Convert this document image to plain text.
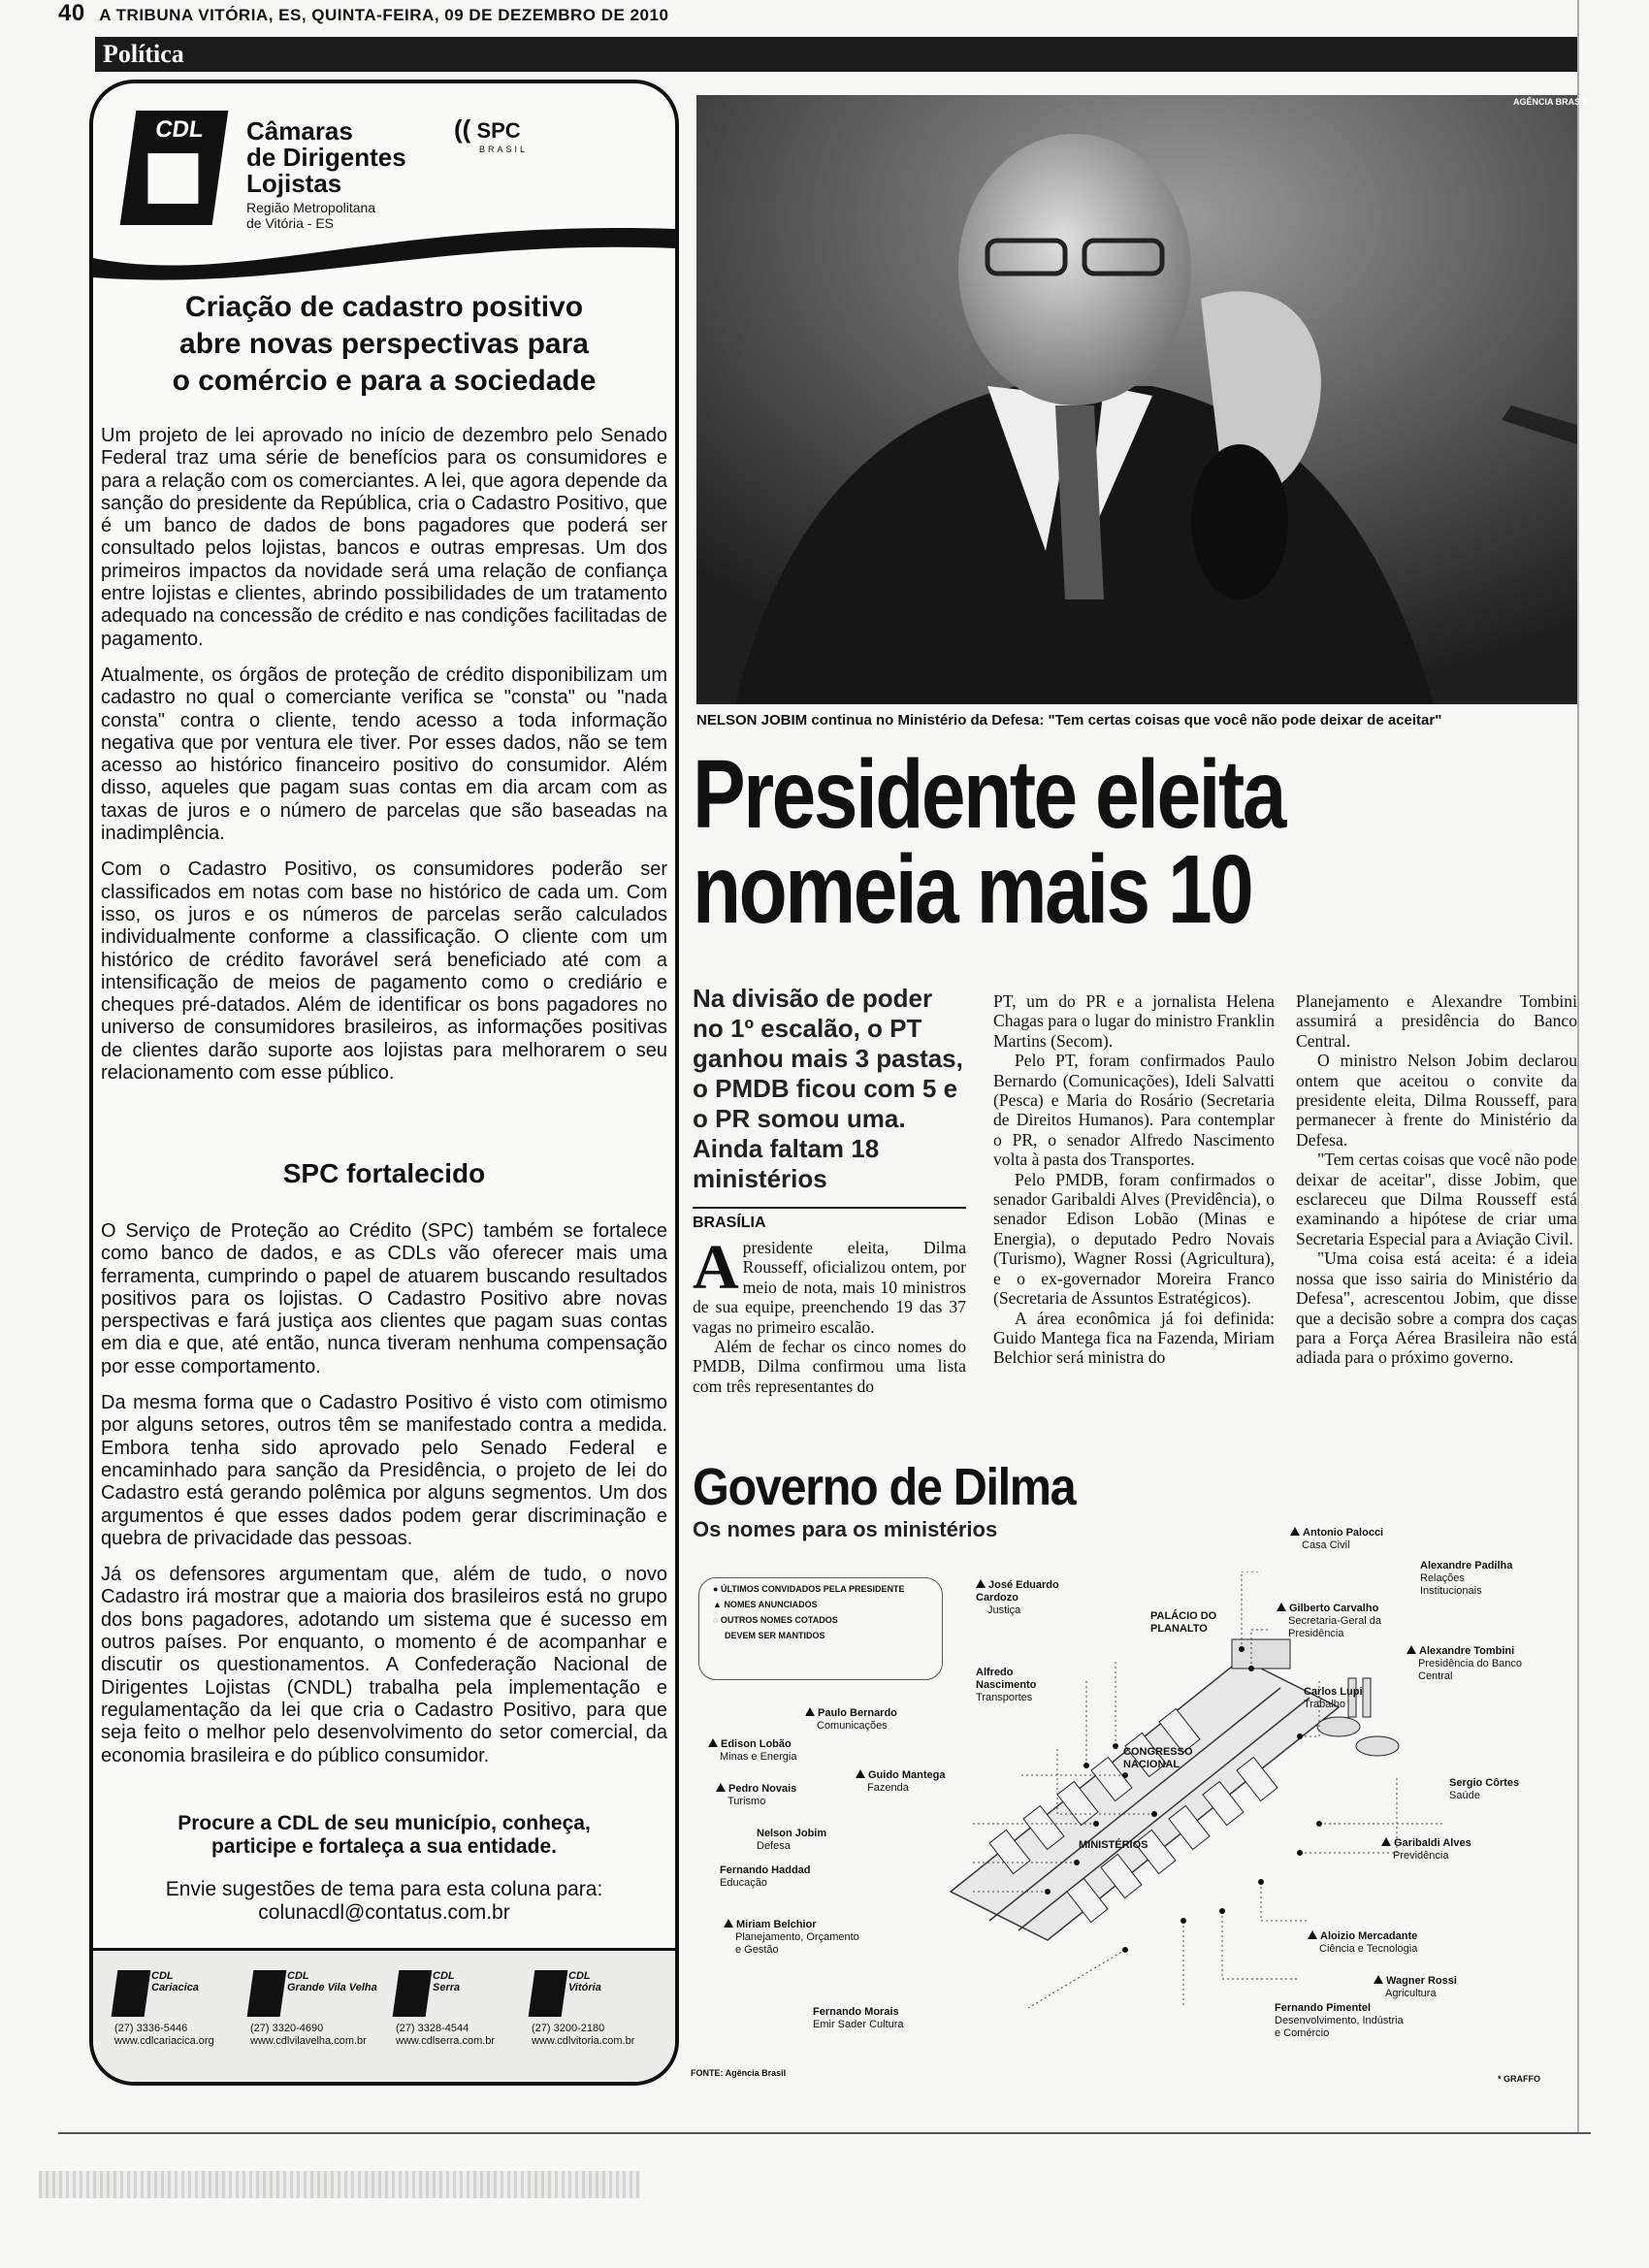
40 A TRIBUNA VITÓRIA, ES, QUINTA-FEIRA, 09 DE DEZEMBRO DE 2010
Política
CDL	Câmaras
de Dirigentes
Lojistas
Região Metropolitana
de Vitória - ES
(( SPC
BRASIL
Criação de cadastro positivo
abre novas perspectivas para
o comércio e para a sociedade

Um projeto de lei aprovado no início de dezembro pelo Senado Federal traz uma série de benefícios para os consumidores e para a relação com os comerciantes. A lei, que agora depende da sanção do presidente da República, cria o Cadastro Positivo, que é um banco de dados de bons pagadores que poderá ser consultado pelos lojistas, bancos e outras empresas. Um dos primeiros impactos da novidade será uma relação de confiança entre lojistas e clientes, abrindo possibilidades de um tratamento adequado na concessão de crédito e nas condições facilitadas de pagamento.

Atualmente, os órgãos de proteção de crédito disponibilizam um cadastro no qual o comerciante verifica se "consta" ou "nada consta" contra o cliente, tendo acesso a toda informação negativa que por ventura ele tiver. Por esses dados, não se tem acesso ao histórico financeiro positivo do consumidor. Além disso, aqueles que pagam suas contas em dia arcam com as taxas de juros e o número de parcelas que são baseadas na inadimplência.

Com o Cadastro Positivo, os consumidores poderão ser classificados em notas com base no histórico de cada um. Com isso, os juros e os números de parcelas serão calculados individualmente conforme a classificação. O cliente com um histórico de crédito favorável será beneficiado até com a intensificação de meios de pagamento como o crediário e cheques pré-datados. Além de identificar os bons pagadores no universo de consumidores brasileiros, as informações positivas de clientes darão suporte aos lojistas para melhorarem o seu relacionamento com esse público.

SPC fortalecido

O Serviço de Proteção ao Crédito (SPC) também se fortalece como banco de dados, e as CDLs vão oferecer mais uma ferramenta, cumprindo o papel de atuarem buscando resultados positivos para os lojistas. O Cadastro Positivo abre novas perspectivas e fará justiça aos clientes que pagam suas contas em dia e que, até então, nunca tiveram nenhuma compensação por esse comportamento.

Da mesma forma que o Cadastro Positivo é visto com otimismo por alguns setores, outros têm se manifestado contra a medida. Embora tenha sido aprovado pelo Senado Federal e encaminhado para sanção da Presidência, o projeto de lei do Cadastro está gerando polêmica por alguns segmentos. Um dos argumentos é que esses dados podem gerar discriminação e quebra de privacidade das pessoas.

Já os defensores argumentam que, além de tudo, o novo Cadastro irá mostrar que a maioria dos brasileiros está no grupo dos bons pagadores, adotando um sistema que é sucesso em outros países. Por enquanto, o momento é de acompanhar e discutir os questionamentos. A Confederação Nacional de Dirigentes Lojistas (CNDL) trabalha pela implementação e regulamentação da lei que cria o Cadastro Positivo, para que seja feito o melhor pelo desenvolvimento do setor comercial, da economia brasileira e do público consumidor.

Procure a CDL de seu município, conheça,
participe e fortaleça a sua entidade.
Envie sugestões de tema para esta coluna para:
colunacdl@contatus.com.br
CDL
Cariacica
(27) 3336-5446
www.cdlcariacica.org
CDL
Grande Vila Velha
(27) 3320-4690
www.cdlvilavelha.com.br
CDL
Serra
(27) 3328-4544
www.cdlserra.com.br
CDL
Vitória
(27) 3200-2180
www.cdlvitoria.com.br
AGÊNCIA BRASIL
NELSON JOBIM continua no Ministério da Defesa: "Tem certas coisas que você não pode deixar de aceitar"
Presidente eleita
nomeia mais 10
Na divisão de poder no 1º escalão, o PT ganhou mais 3 pastas, o PMDB ficou com 5 e o PR somou uma. Ainda faltam 18 ministérios
BRASÍLIA

Apresidente eleita, Dilma Rousseff, oficializou ontem, por meio de nota, mais 10 ministros de sua equipe, preenchendo 19 das 37 vagas no primeiro escalão.

Além de fechar os cinco nomes do PMDB, Dilma confirmou uma lista com três representantes do

PT, um do PR e a jornalista Helena Chagas para o lugar do ministro Franklin Martins (Secom).

Pelo PT, foram confirmados Paulo Bernardo (Comunicações), Ideli Salvatti (Pesca) e Maria do Rosário (Secretaria de Direitos Humanos). Para contemplar o PR, o senador Alfredo Nascimento volta à pasta dos Transportes.

Pelo PMDB, foram confirmados o senador Garibaldi Alves (Previdência), o senador Edison Lobão (Minas e Energia), o deputado Pedro Novais (Turismo), Wagner Rossi (Agricultura), e o ex-governador Moreira Franco (Secretaria de Assuntos Estratégicos).

A área econômica já foi definida: Guido Mantega fica na Fazenda, Miriam Belchior será ministra do

Planejamento e Alexandre Tombini assumirá a presidência do Banco Central.

O ministro Nelson Jobim declarou ontem que aceitou o convite da presidente eleita, Dilma Rousseff, para permanecer à frente do Ministério da Defesa.

"Tem certas coisas que você não pode deixar de aceitar", disse Jobim, que esclareceu que Dilma Rousseff está examinando a hipótese de criar uma Secretaria Especial para a Aviação Civil.

"Uma coisa está aceita: é a ideia nossa que isso sairia do Ministério da Defesa", acrescentou Jobim, que disse que a decisão sobre a compra dos caças para a Força Aérea Brasileira não está adiada para o próximo governo.

Governo de Dilma
Os nomes para os ministérios
● ÚLTIMOS CONVIDADOS PELA PRESIDENTE
▲ NOMES ANUNCIADOS
◌ OUTROS NOMES COTADOS
DEVEM SER MANTIDOS
PALÁCIO DO
PLANALTO
CONGRESSO
NACIONAL
MINISTÉRIOS
Antonio Palocci
Casa Civil
Alexandre Padilha
Relações Institucionais
Gilberto Carvalho
Secretaria-Geral da Presidência
Alexandre Tombini
Presidência do Banco Central
José Eduardo Cardozo
Justiça
Alfredo Nascimento
Transportes	Carlos Lupi
Trabalho
Paulo Bernardo
Comunicações
Edison Lobão
Minas e Energia
Guido Mantega
Fazenda
Pedro Novais
Turismo
Sergio Côrtes
Saúde
Nelson Jobim
Defesa	Garibaldi Alves
Previdência
Fernando Haddad
Educação
Miriam Belchior
Planejamento, Orçamento e Gestão
Aloizio Mercadante
Ciência e Tecnologia
Wagner Rossi
Agricultura
Fernando Morais
Emir Sader Cultura
Fernando Pimentel
Desenvolvimento, Indústria e Comércio
FONTE: Agência Brasil
* GRAFFO
